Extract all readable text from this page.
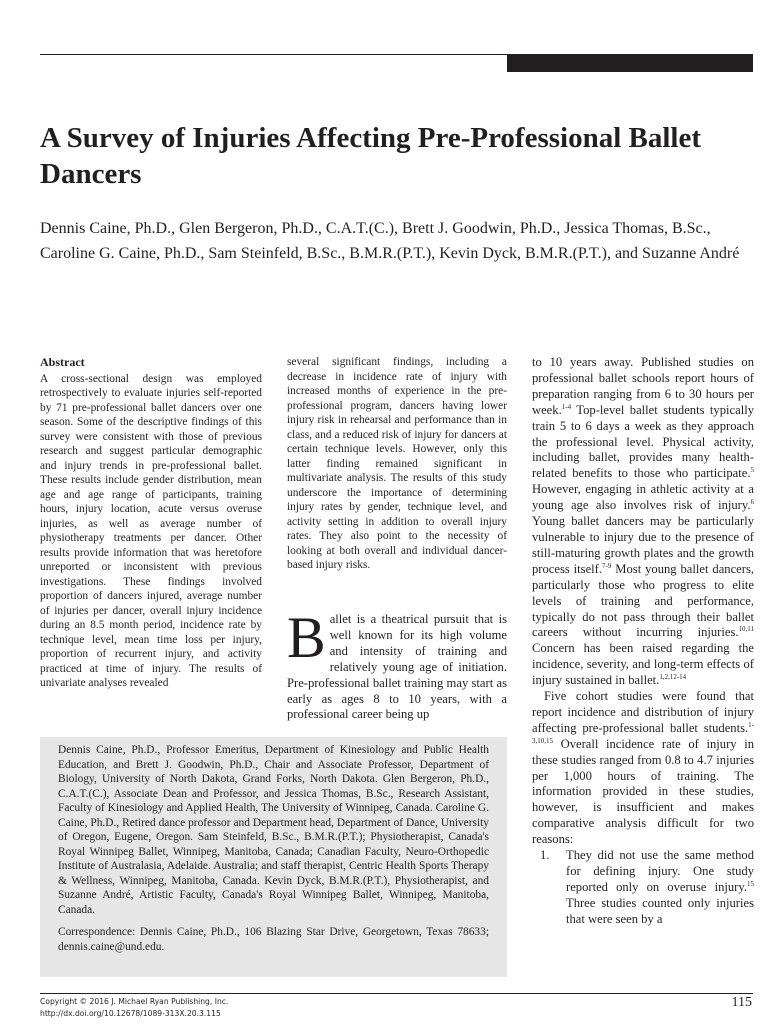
A Survey of Injuries Affecting Pre-Professional Ballet Dancers

Dennis Caine, Ph.D., Glen Bergeron, Ph.D., C.A.T.(C.), Brett J. Goodwin, Ph.D., Jessica Thomas, B.Sc., Caroline G. Caine, Ph.D., Sam Steinfeld, B.Sc., B.M.R.(P.T.), Kevin Dyck, B.M.R.(P.T.), and Suzanne André

Abstract
A cross-sectional design was employed retrospectively to evaluate injuries self-reported by 71 pre-professional ballet dancers over one season. Some of the descriptive findings of this survey were consistent with those of previous research and suggest particular demographic and injury trends in pre-professional ballet. These results include gender distribution, mean age and age range of participants, training hours, injury location, acute versus overuse injuries, as well as average number of physiotherapy treatments per dancer. Other results provide information that was heretofore unreported or inconsistent with previous investigations. These findings involved proportion of dancers injured, average number of injuries per dancer, overall injury incidence during an 8.5 month period, incidence rate by technique level, mean time loss per injury, proportion of recurrent injury, and activity practiced at time of injury. The results of univariate analyses revealed
several significant findings, including a decrease in incidence rate of injury with increased months of experience in the pre-professional program, dancers having lower injury risk in rehearsal and performance than in class, and a reduced risk of injury for dancers at certain technique levels. However, only this latter finding remained significant in multivariate analysis. The results of this study underscore the importance of determining injury rates by gender, technique level, and activity setting in addition to overall injury rates. They also point to the necessity of looking at both overall and individual dancer-based injury risks.
Ballet is a theatrical pursuit that is well known for its high volume and intensity of training and relatively young age of initiation. Pre-professional ballet training may start as early as ages 8 to 10 years, with a professional career being up
to 10 years away. Published studies on professional ballet schools report hours of preparation ranging from 6 to 30 hours per week.$^{1-4}$ Top-level ballet students typically train 5 to 6 days a week as they approach the professional level. Physical activity, including ballet, provides many health-related benefits to those who participate.$^5$ However, engaging in athletic activity at a young age also involves risk of injury.$^6$ Young ballet dancers may be particularly vulnerable to injury due to the presence of still-maturing growth plates and the growth process itself.$^{7-9}$ Most young ballet dancers, particularly those who progress to elite levels of training and performance, typically do not pass through their ballet careers without incurring injuries.$^{10,11}$ Concern has been raised regarding the incidence, severity, and long-term effects of injury sustained in ballet.$^{1,2,12-14}$
Five cohort studies were found that report incidence and distribution of injury affecting pre-professional ballet students.$^{1-3,10,15}$ Overall incidence rate of injury in these studies ranged from 0.8 to 4.7 injuries per 1,000 hours of training. The information provided in these studies, however, is insufficient and makes comparative analysis difficult for two reasons:
1. They did not use the same method for defining injury. One study reported only on overuse injury.$^{15}$ Three studies counted only injuries that were seen by a
Dennis Caine, Ph.D., Professor Emeritus, Department of Kinesiology and Public Health Education, and Brett J. Goodwin, Ph.D., Chair and Associate Professor, Department of Biology, University of North Dakota, Grand Forks, North Dakota. Glen Bergeron, Ph.D., C.A.T.(C.), Associate Dean and Professor, and Jessica Thomas, B.Sc., Research Assistant, Faculty of Kinesiology and Applied Health, The University of Winnipeg, Canada. Caroline G. Caine, Ph.D., Retired dance professor and Department head, Department of Dance, University of Oregon, Eugene, Oregon. Sam Steinfeld, B.Sc., B.M.R.(P.T.); Physiotherapist, Canada's Royal Winnipeg Ballet, Winnipeg, Manitoba, Canada; Canadian Faculty, Neuro-Orthopedic Institute of Australasia, Adelaide. Australia; and staff therapist, Centric Health Sports Therapy & Wellness, Winnipeg, Manitoba, Canada. Kevin Dyck, B.M.R.(P.T.), Physiotherapist, and Suzanne André, Artistic Faculty, Canada's Royal Winnipeg Ballet, Winnipeg, Manitoba, Canada.
Correspondence: Dennis Caine, Ph.D., 106 Blazing Star Drive, Georgetown, Texas 78633; dennis.caine@und.edu.
Copyright © 2016 J. Michael Ryan Publishing, Inc.
http://dx.doi.org/10.12678/1089-313X.20.3.115
115
